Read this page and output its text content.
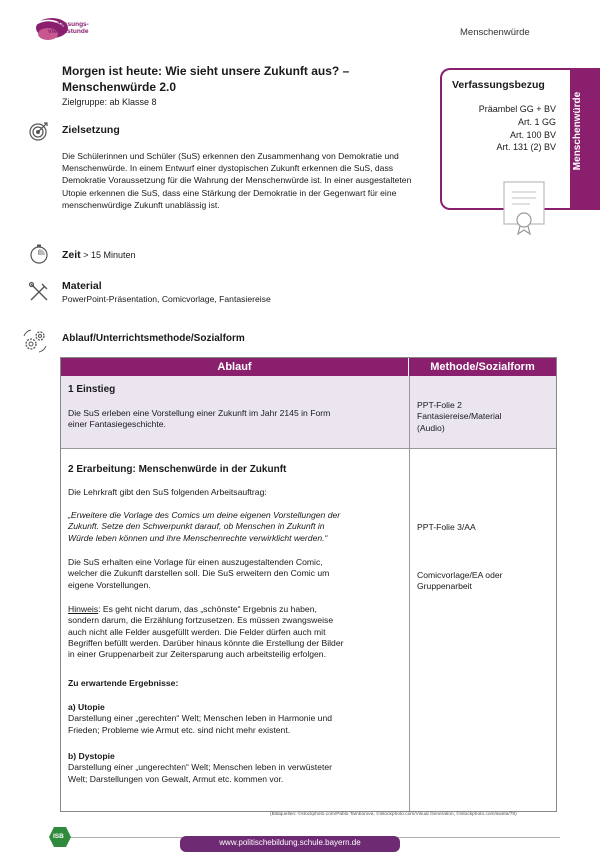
Verfassungs-
viertelstunde	Menschenwürde
Morgen ist heute: Wie sieht unsere Zukunft aus? –
Menschenwürde 2.0
Zielgruppe: ab Klasse 8
Zielsetzung
Die Schülerinnen und Schüler (SuS) erkennen den Zusammenhang von Demokratie und Menschenwürde. In einem Entwurf einer dystopischen Zukunft erkennen die SuS, dass Demokratie Voraussetzung für die Wahrung der Menschenwürde ist. In einer ausgestalteten Utopie erkennen die SuS, dass eine Stärkung der Demokratie in der Gegenwart für eine menschenwürdige Zukunft unablässig ist.
Zeit > 15 Minuten
Material
PowerPoint-Präsentation, Comicvorlage, Fantasiereise
Verfassungsbezug
Präambel GG + BV
Art. 1 GG
Art. 100 BV
Art. 131 (2) BV Menschenwürde
Ablauf/Unterrichtsmethode/Sozialform
Ablauf	Methode/Sozialform
1 Einstieg
Die SuS erleben eine Vorstellung einer Zukunft im Jahr 2145 in Form
einer Fantasiegeschichte.
PPT-Folie 2
Fantasiereise/Material
(Audio)
2 Erarbeitung: Menschenwürde in der Zukunft
Die Lehrkraft gibt den SuS folgenden Arbeitsauftrag:
„Erweitere die Vorlage des Comics um deine eigenen Vorstellungen der
Zukunft. Setze den Schwerpunkt darauf, ob Menschen in Zukunft in
Würde leben können und ihre Menschenrechte verwirklicht werden.“
Die SuS erhalten eine Vorlage für einen auszugestaltenden Comic,
welcher die Zukunft darstellen soll. Die SuS erweitern den Comic um
eigene Vorstellungen.
Hinweis: Es geht nicht darum, das „schönste“ Ergebnis zu haben,
sondern darum, die Erzählung fortzusetzen. Es müssen zwangsweise
auch nicht alle Felder ausgefüllt werden. Die Felder dürfen auch mit
Begriffen befüllt werden. Darüber hinaus könnte die Erstellung der Bilder
in einer Gruppenarbeit zur Zeitersparung auch arbeitsteilig erfolgen.
Zu erwartende Ergebnisse:
a) Utopie
Darstellung einer „gerechten“ Welt; Menschen leben in Harmonie und
Frieden; Probleme wie Armut etc. sind nicht mehr existent.
b) Dystopie
Darstellung einer „ungerechten“ Welt; Menschen leben in verwüsteter
Welt; Darstellungen von Gewalt, Armut etc. kommen vor.
PPT-Folie 3/AA
Comicvorlage/EA oder
Gruppenarbeit
(Bildquellen: ©stockphoto.com/Pablo Tamborova, ©istockphoto.com/Visual Generation, ©istockphoto.com/sweta/78)
ISB
www.politischebildung.schule.bayern.de
